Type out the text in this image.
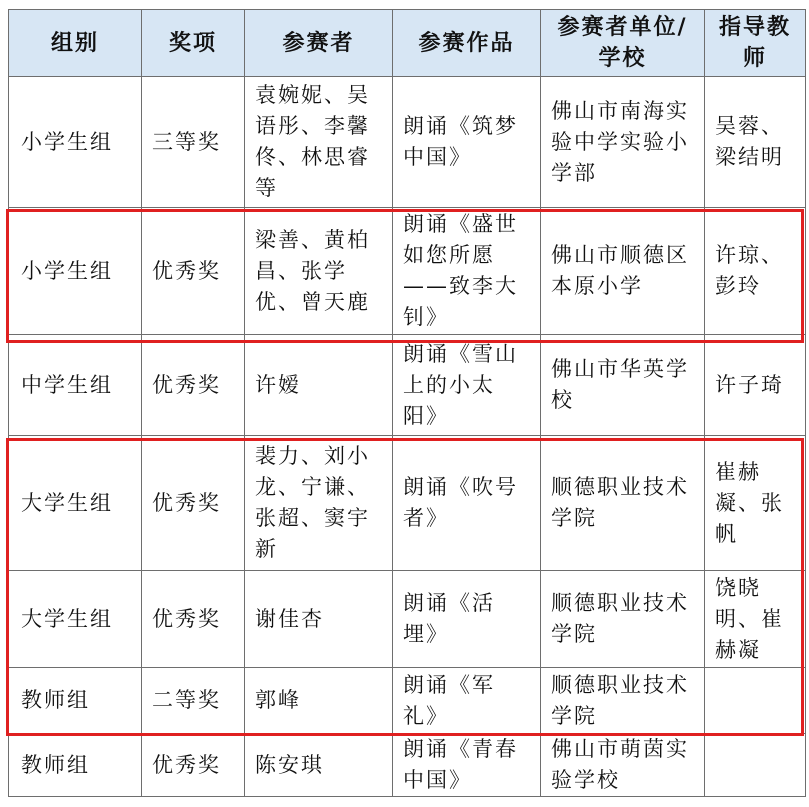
组别	奖项	参赛者	参赛作品	参赛者单位/学校	指导教师
小学生组	三等奖	袁婉妮、吴语彤、李馨佟、林思睿等	朗诵《筑梦中国》	佛山市南海实验中学实验小学部	吴蓉、梁结明
小学生组	优秀奖	梁善、黄柏昌、张学优、曾天鹿	朗诵《盛世如您所愿——致李大钊》	佛山市顺德区本原小学	许琼、彭玲
中学生组	优秀奖	许嫒	朗诵《雪山上的小太阳》	佛山市华英学校	许子琦
大学生组	优秀奖	裴力、刘小龙、宁谦、张超、窦宇新	朗诵《吹号者》	顺德职业技术学院	崔赫凝、张帆
大学生组	优秀奖	谢佳杏	朗诵《活埋》	顺德职业技术学院	饶晓明、崔赫凝
教师组	二等奖	郭峰	朗诵《军礼》	顺德职业技术学院	
教师组	优秀奖	陈安琪	朗诵《青春中国》	佛山市萌茵实验学校	
